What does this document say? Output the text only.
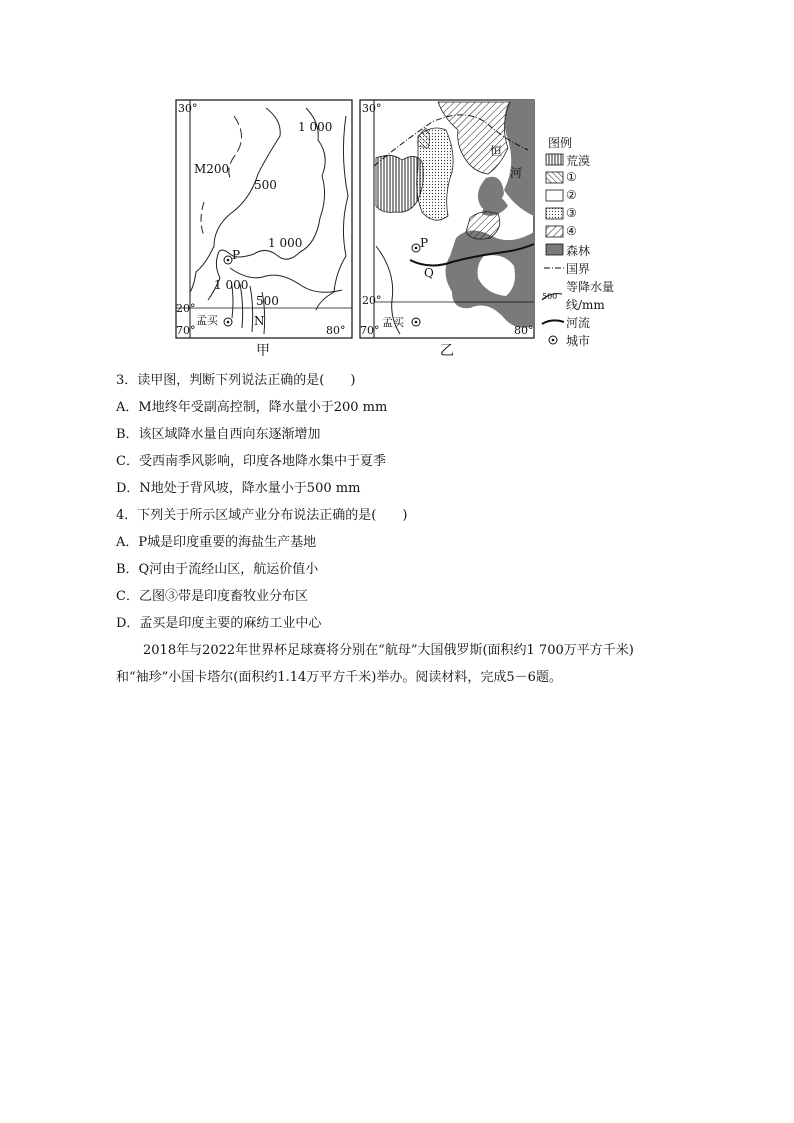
30°
20°
70°	80°
M200
500
1 000
1 000
1 000
500
P
N
孟买
甲
30°
20°
70°	80°
恒
河
P
Q
孟买
乙
图例
荒漠
①
②
③
④
森林
国界
等降水量
500
线/mm
河流
城市
3．读甲图，判断下列说法正确的是(　　)
A．M地终年受副高控制，降水量小于200 mm
B．该区域降水量自西向东逐渐增加
C．受西南季风影响，印度各地降水集中于夏季
D．N地处于背风坡，降水量小于500 mm
4．下列关于所示区域产业分布说法正确的是(　　)
A．P城是印度重要的海盐生产基地
B．Q河由于流经山区，航运价值小
C．乙图③带是印度畜牧业分布区
D．孟买是印度主要的麻纺工业中心
2018年与2022年世界杯足球赛将分别在“航母”大国俄罗斯(面积约1 700万平方千米)
和“袖珍”小国卡塔尔(面积约1.14万平方千米)举办。阅读材料，完成5－6题。
